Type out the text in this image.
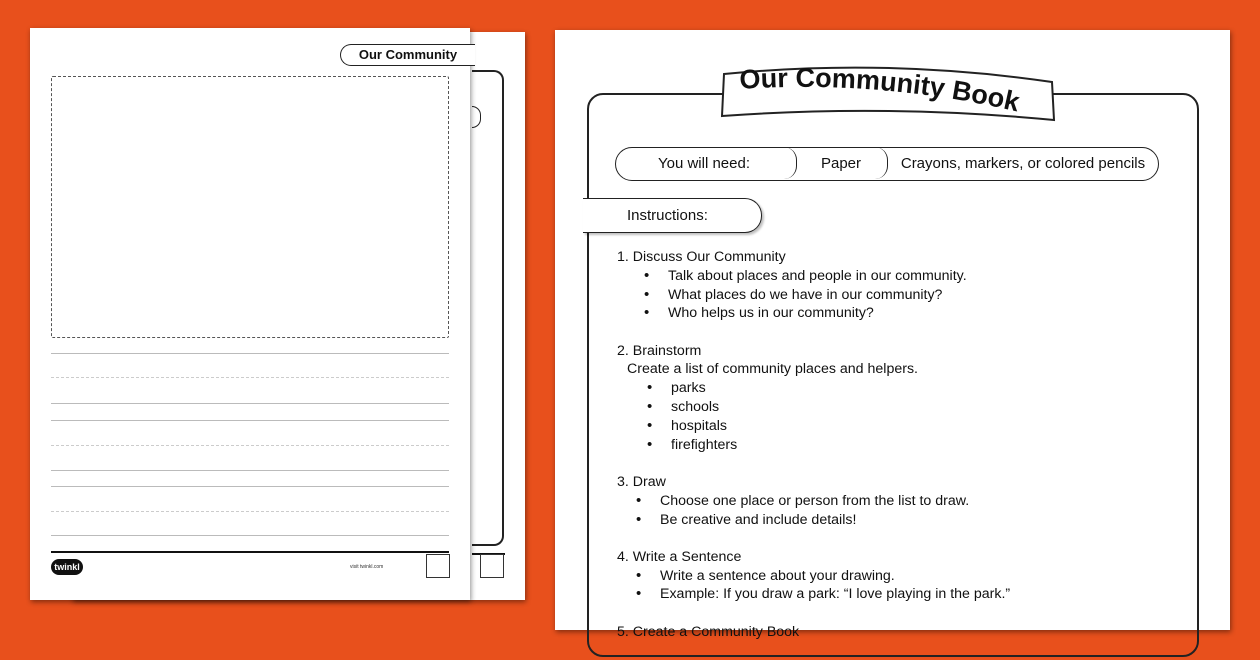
Our Community
twinkl	visit twinkl.com
Our Community Book
You will need:	Paper	Crayons, markers, or colored pencils
Instructions:
1. Discuss Our Community
• Talk about places and people in our community.
• What places do we have in our community?
• Who helps us in our community?
2. Brainstorm
Create a list of community places and helpers.
• parks
• schools
• hospitals
• firefighters
3. Draw
• Choose one place or person from the list to draw.
• Be creative and include details!
4. Write a Sentence
• Write a sentence about your drawing.
• Example: If you draw a park: “I love playing in the park.”
5. Create a Community Book
